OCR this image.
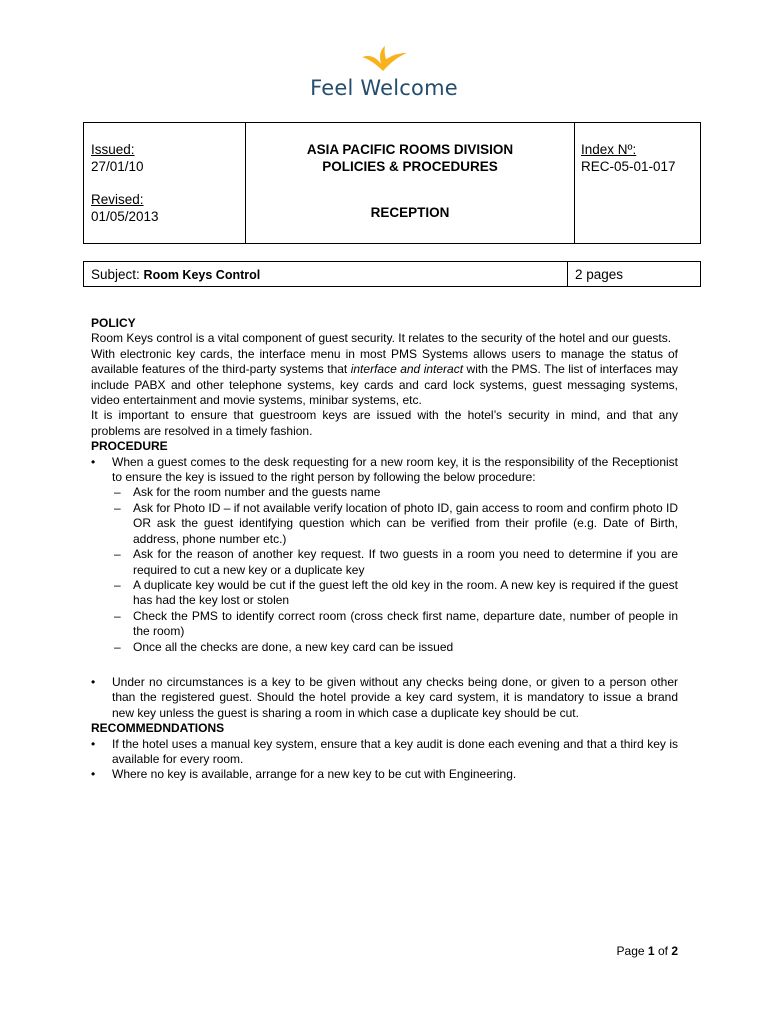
Feel Welcome
Issued:
27/01/10
Revised:
01/05/2013

ASIA PACIFIC ROOMS DIVISION
POLICIES & PROCEDURES
RECEPTION

Index Nº:
REC-05-01-017
Subject: Room Keys Control	2 pages
POLICY

Room Keys control is a vital component of guest security. It relates to the security of the hotel and our guests.

With electronic key cards, the interface menu in most PMS Systems allows users to manage the status of available features of the third-party systems that interface and interact with the PMS. The list of interfaces may include PABX and other telephone systems, key cards and card lock systems, guest messaging systems, video entertainment and movie systems, minibar systems, etc.

It is important to ensure that guestroom keys are issued with the hotel’s security in mind, and that any problems are resolved in a timely fashion.

PROCEDURE
• When a guest comes to the desk requesting for a new room key, it is the responsibility of the Receptionist to ensure the key is issued to the right person by following the below procedure:
– Ask for the room number and the guests name
– Ask for Photo ID – if not available verify location of photo ID, gain access to room and confirm photo ID OR ask the guest identifying question which can be verified from their profile (e.g. Date of Birth, address, phone number etc.)
– Ask for the reason of another key request. If two guests in a room you need to determine if you are required to cut a new key or a duplicate key
– A duplicate key would be cut if the guest left the old key in the room. A new key is required if the guest has had the key lost or stolen
– Check the PMS to identify correct room (cross check first name, departure date, number of people in the room)
– Once all the checks are done, a new key card can be issued
• Under no circumstances is a key to be given without any checks being done, or given to a person other than the registered guest. Should the hotel provide a key card system, it is mandatory to issue a brand new key unless the guest is sharing a room in which case a duplicate key should be cut.
RECOMMEDNDATIONS
• If the hotel uses a manual key system, ensure that a key audit is done each evening and that a third key is available for every room.
• Where no key is available, arrange for a new key to be cut with Engineering.
Page 1 of 2
